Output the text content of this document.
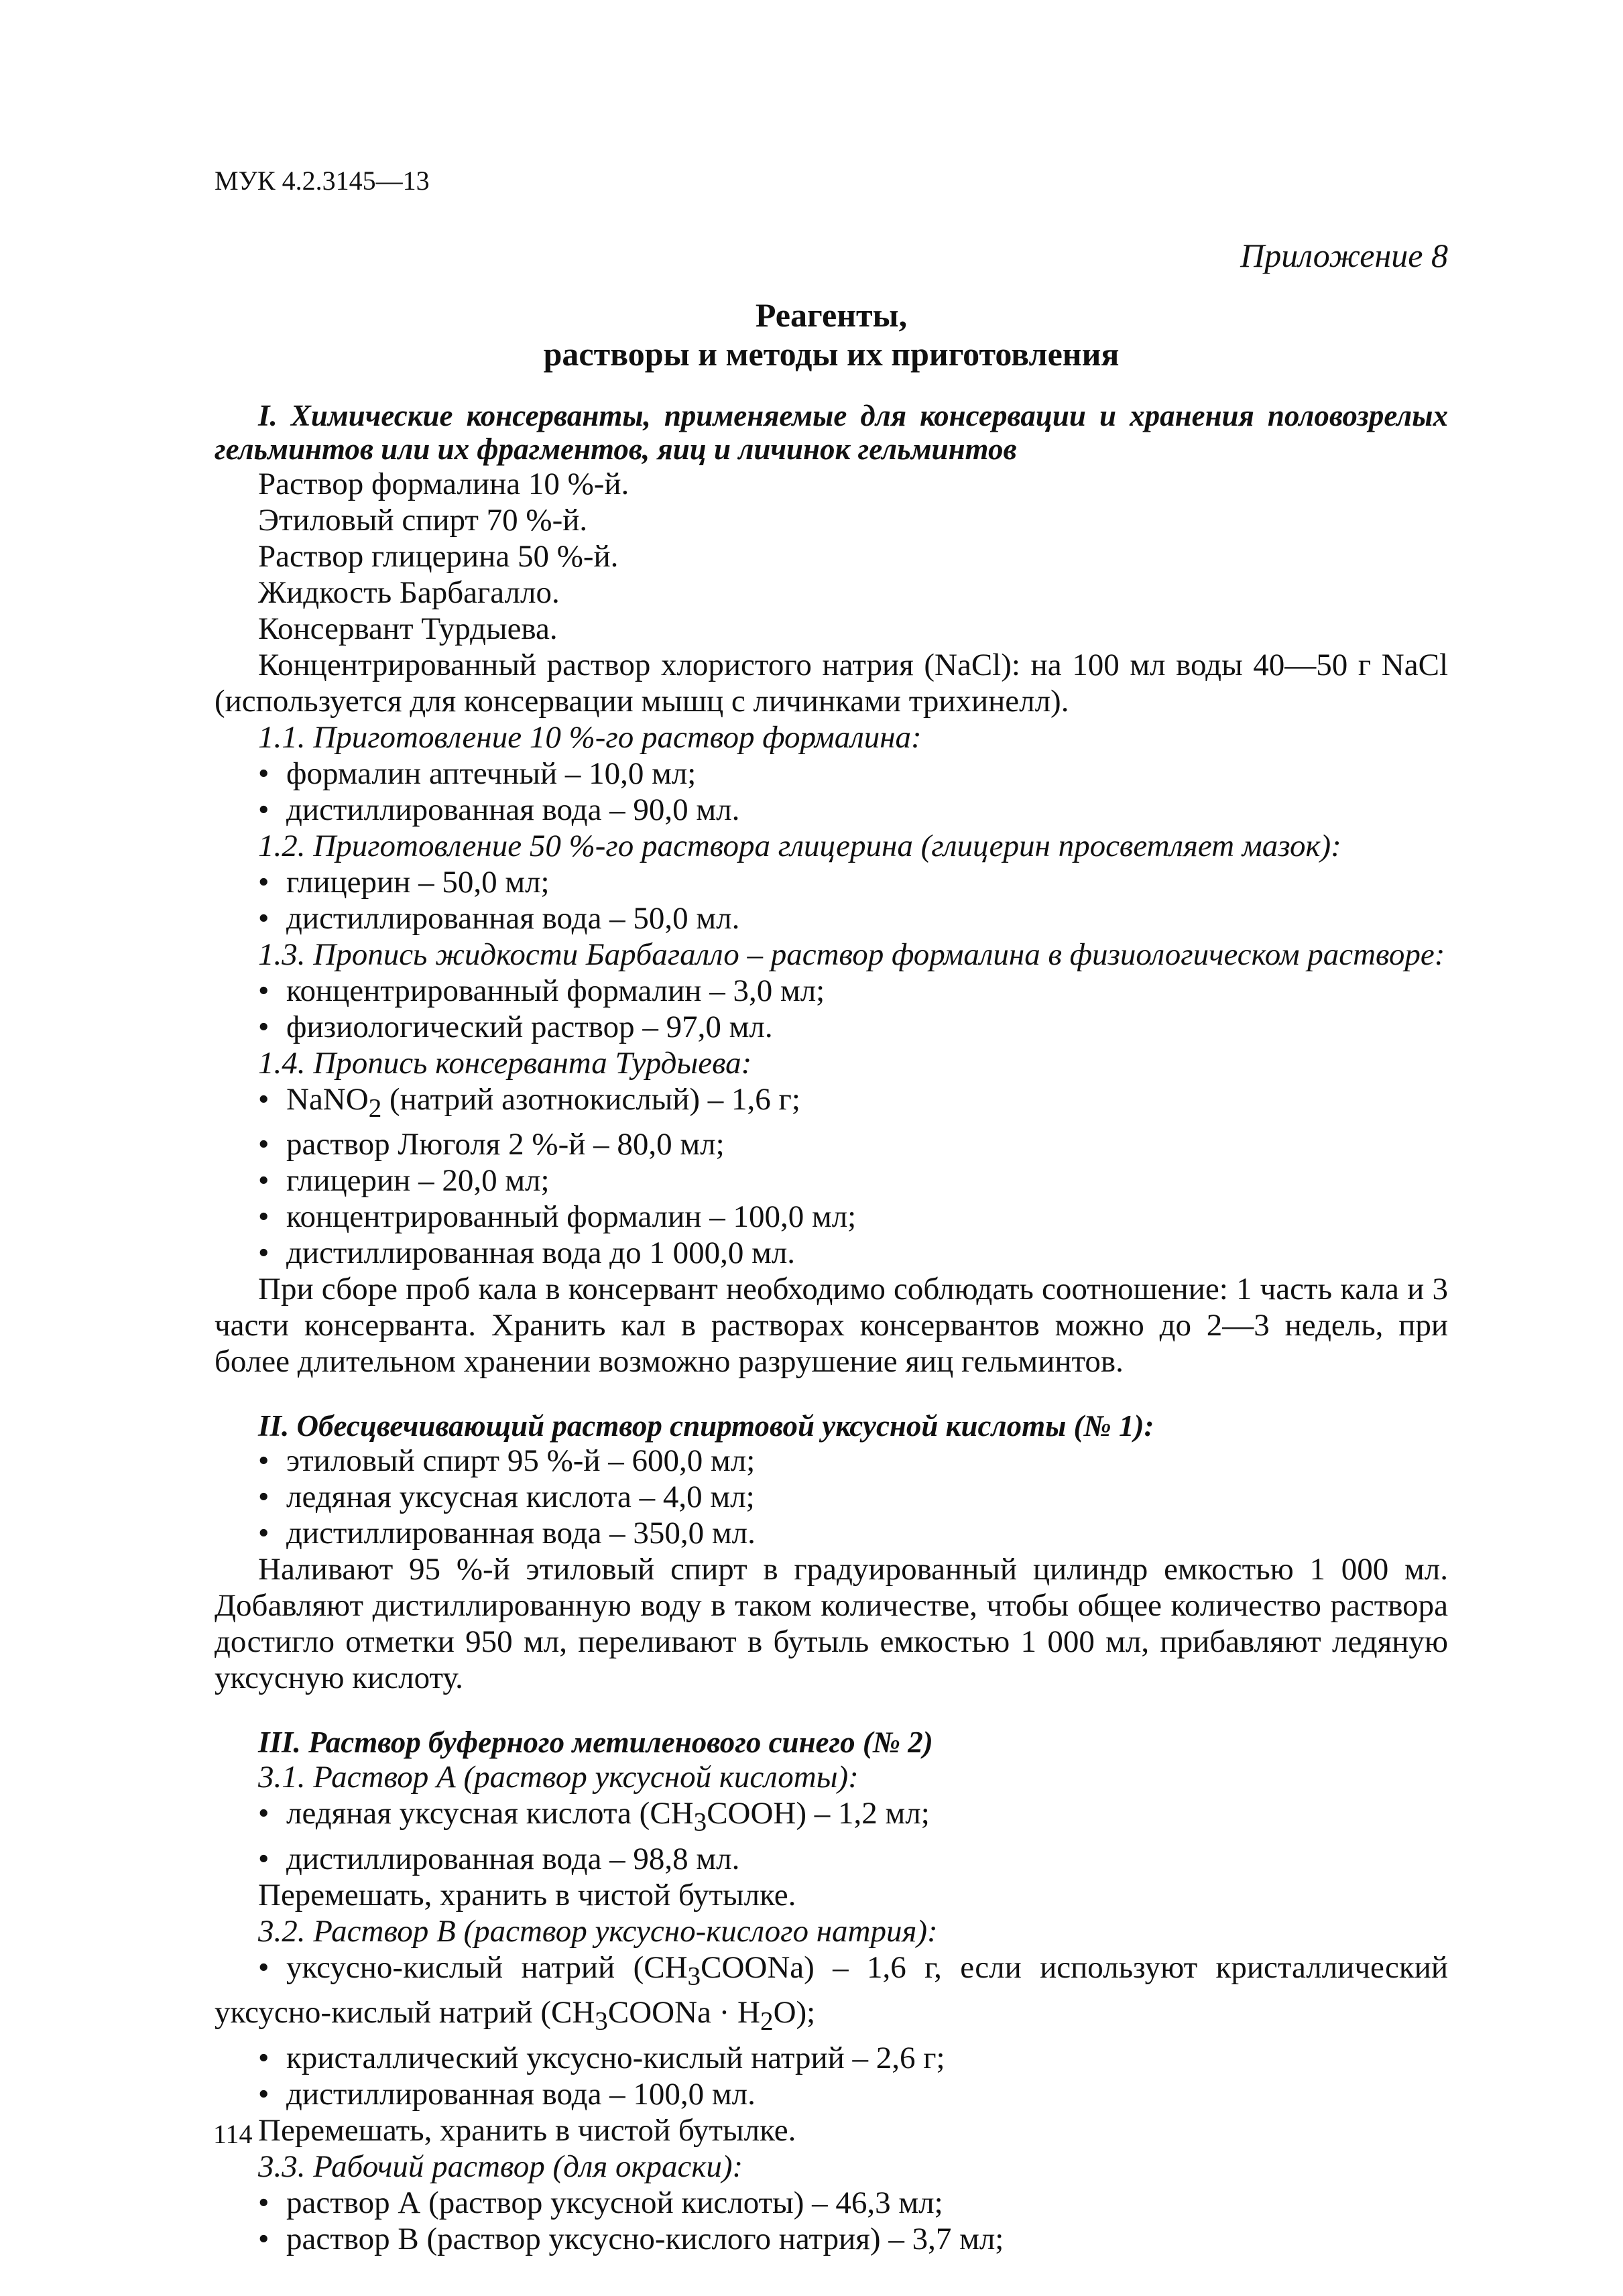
МУК 4.2.3145—13
Приложение 8
Реагенты,
растворы и методы их приготовления

I. Химические консерванты, применяемые для консервации и хранения половозрелых гельминтов или их фрагментов, яиц и личинок гельминтов

Раствор формалина 10 %-й.

Этиловый спирт 70 %-й.

Раствор глицерина 50 %-й.

Жидкость Барбагалло.

Консервант Турдыева.

Концентрированный раствор хлористого натрия (NaCl): на 100 мл воды 40—50 г NaCl (используется для консервации мышц с личинками трихинелл).

1.1. Приготовление 10 %-го раствор формалина:

• формалин аптечный – 10,0 мл;

• дистиллированная вода – 90,0 мл.

1.2. Приготовление 50 %-го раствора глицерина (глицерин просветляет мазок):

• глицерин – 50,0 мл;

• дистиллированная вода – 50,0 мл.

1.3. Пропись жидкости Барбагалло – раствор формалина в физиологическом растворе:

• концентрированный формалин – 3,0 мл;

• физиологический раствор – 97,0 мл.

1.4. Пропись консерванта Турдыева:

• NaNO$_2$ (натрий азотнокислый) – 1,6 г;

• раствор Люголя 2 %-й – 80,0 мл;

• глицерин – 20,0 мл;

• концентрированный формалин – 100,0 мл;

• дистиллированная вода до 1 000,0 мл.

При сборе проб кала в консервант необходимо соблюдать соотношение: 1 часть кала и 3 части консерванта. Хранить кал в растворах консервантов можно до 2—3 недель, при более длительном хранении возможно разрушение яиц гельминтов.

II. Обесцвечивающий раствор спиртовой уксусной кислоты (№ 1):

• этиловый спирт 95 %-й – 600,0 мл;

• ледяная уксусная кислота – 4,0 мл;

• дистиллированная вода – 350,0 мл.

Наливают 95 %-й этиловый спирт в градуированный цилиндр емкостью 1 000 мл. Добавляют дистиллированную воду в таком количестве, чтобы общее количество раствора достигло отметки 950 мл, переливают в бутыль емкостью 1 000 мл, прибавляют ледяную уксусную кислоту.

III. Раствор буферного метиленового синего (№ 2)

3.1. Раствор А (раствор уксусной кислоты):

• ледяная уксусная кислота $(CH_3COOH) - 1,2$ мл;

• дистиллированная вода – 98,8 мл.

Перемешать, хранить в чистой бутылке.

3.2. Раствор В (раствор уксусно-кислого натрия):

• уксусно-кислый натрий $(CH_3COONa) - 1,6$ г, если используют кристаллический уксусно-кислый натрий $(CH_3COONa \cdot H_2O)$;

• кристаллический уксусно-кислый натрий – 2,6 г;

• дистиллированная вода – 100,0 мл.

Перемешать, хранить в чистой бутылке.

3.3. Рабочий раствор (для окраски):

• раствор А (раствор уксусной кислоты) – 46,3 мл;

• раствор В (раствор уксусно-кислого натрия) – 3,7 мл;

114
